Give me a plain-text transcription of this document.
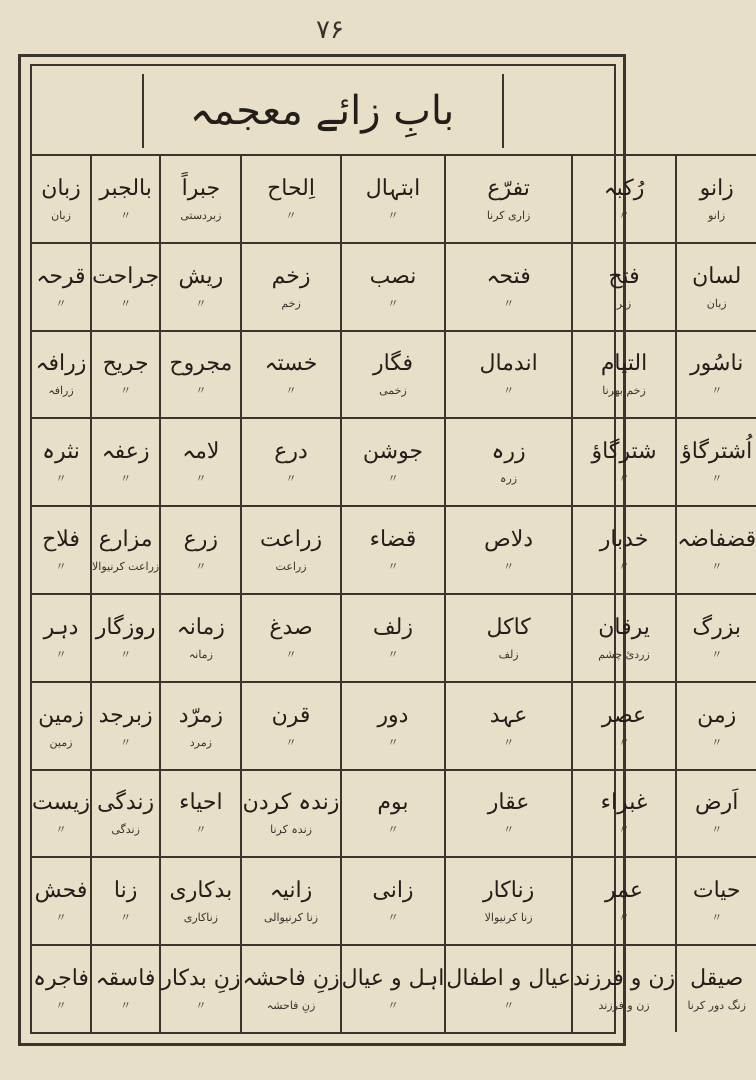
۷۶
بابِ زائے معجمہ
زبان
زبان
بالجبر
〃
جبراً
زبردستی
اِلحاح
〃
ابتہال
〃
تفرّع
زاری کرنا
رُکبہ
〃
زانو
زانو
قرحہ
〃
جراحت
〃
ریش
〃
زخم
زخم
نصب
〃
فتحہ
〃
فتح
زبر
لسان
زبان
زرافہ
زرافہ
جریح
〃
مجروح
〃
خستہ
〃
فگار
زخمی
اندمال
〃
التیام
زخم بھرنا
ناسُور
〃
نثرہ
〃
زعفہ
〃
لامہ
〃
درع
〃
جوشن
〃
زرہ
زرہ
شترگاؤ
〃
اُشترگاؤ
〃
فلاح
〃
مزارع
زراعت کرنیوالا
زرع
〃
زراعت
زراعت
قضاء
〃
دلاص
〃
خدبار
〃
قضفاضہ
〃
دہر
〃
روزگار
〃
زمانہ
زمانہ
صدغ
〃
زلف
〃
کاکل
زلف
یرقان
زردیٔ چشم
بزرگ
〃
زمین
زمین
زبرجد
〃
زمرّد
زمرد
قرن
〃
دور
〃
عہد
〃
عصر
〃
زمن
〃
زیست
〃
زندگی
زندگی
احیاء
〃
زندہ کردن
زندہ کرنا
بوم
〃
عقار
〃
غبراء
〃
اَرض
〃
فحش
〃
زنا
〃
بدکاری
زناکاری
زانیہ
زنا کرنیوالی
زانی
〃
زناکار
زنا کرنیوالا
عمر
〃
حیات
〃
فاجرہ
〃
فاسقہ
〃
زنِ بدکار
〃
زنِ فاحشہ
زنِ فاحشہ
اہل و عیال
〃
عیال و اطفال
〃
زن و فرزند
زن و فرزند
صیقل
زنگ دور کرنا
